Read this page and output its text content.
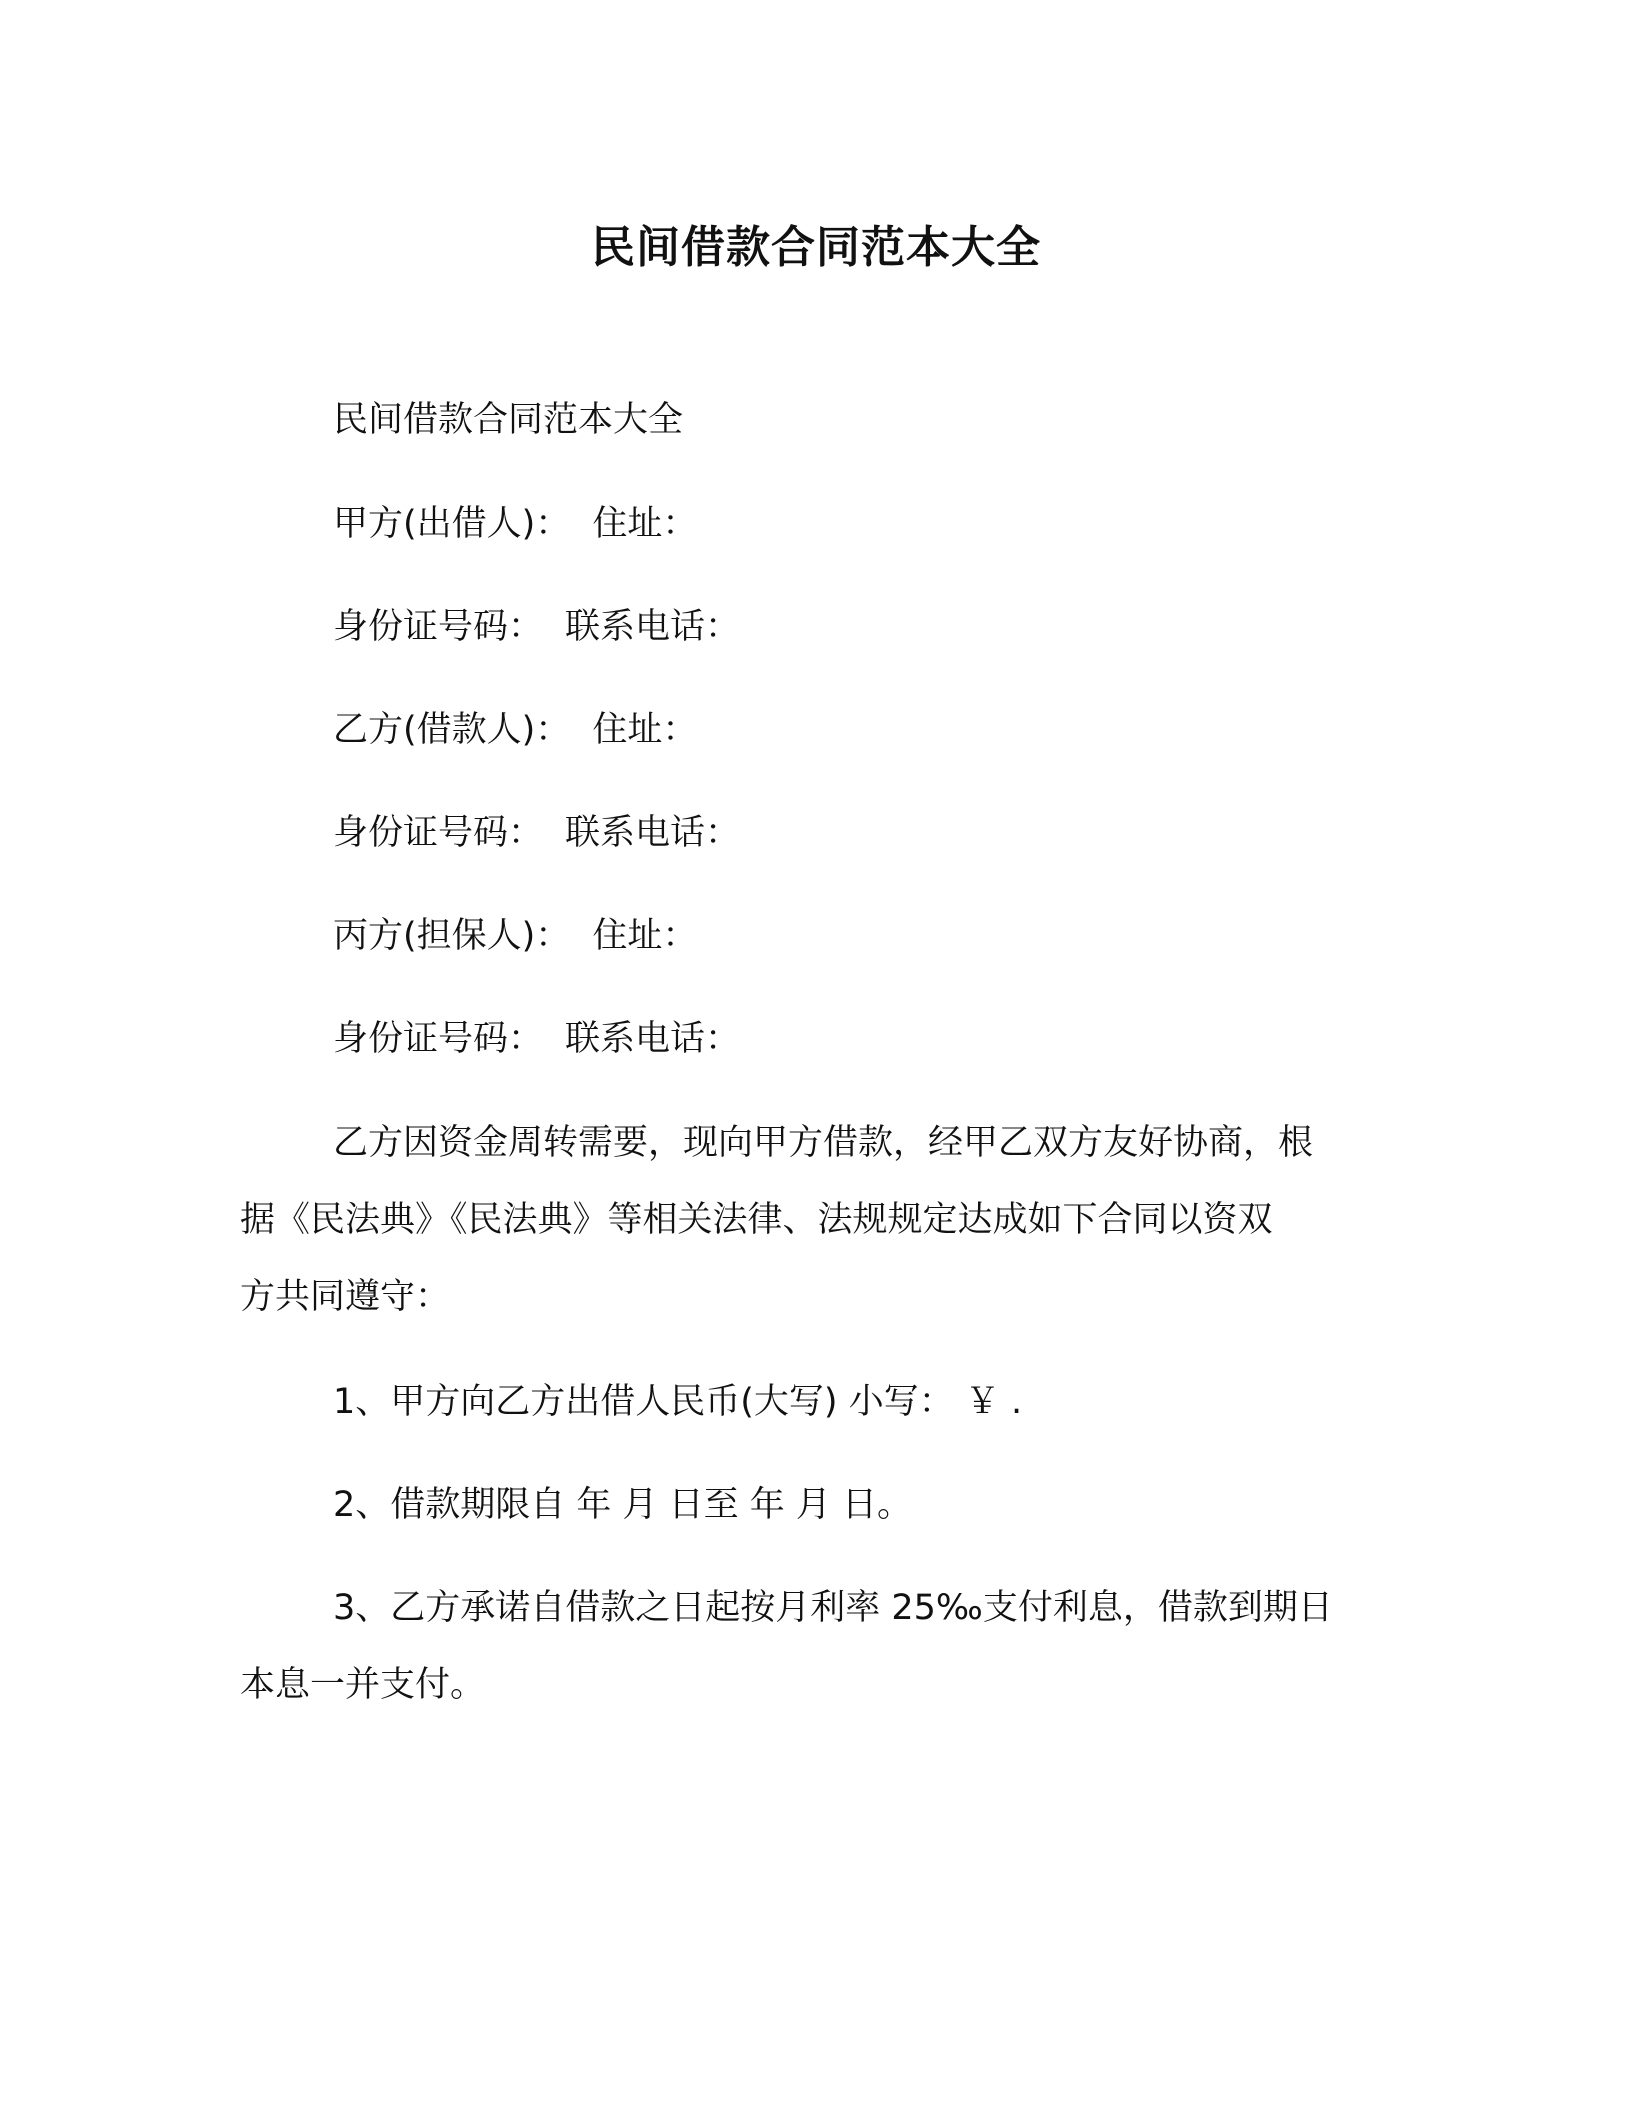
民间借款合同范本大全
民间借款合同范本大全
甲方(出借人)： 住址：
身份证号码： 联系电话：
乙方(借款人)： 住址：
身份证号码： 联系电话：
丙方(担保人)： 住址：
身份证号码： 联系电话：
乙方因资金周转需要，现向甲方借款，经甲乙双方友好协商，根
据《民法典》《民法典》等相关法律、法规规定达成如下合同以资双
方共同遵守：
1、甲方向乙方出借人民币(大写) 小写： ￥ .
2、借款期限自 年 月 日至 年 月 日。
3、乙方承诺自借款之日起按月利率 25‰支付利息，借款到期日
本息一并支付。
